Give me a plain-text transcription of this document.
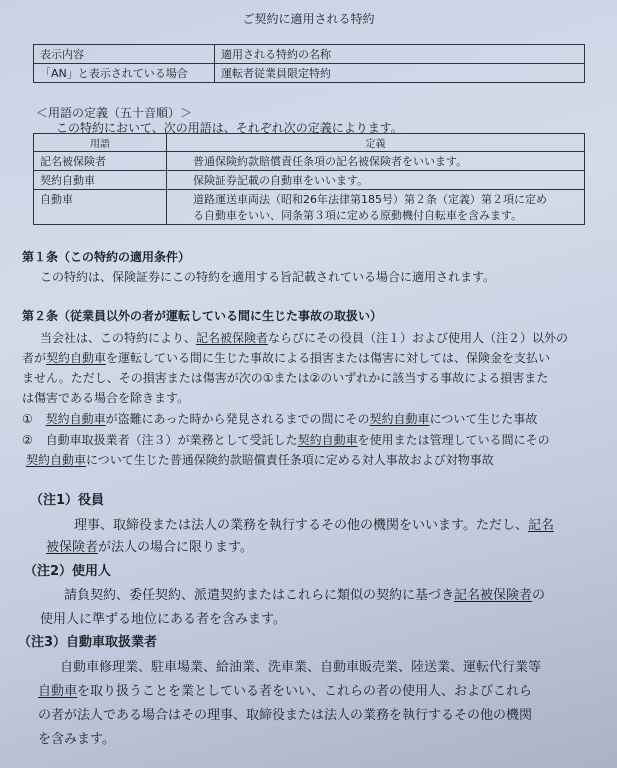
ご契約に適用される特約
表示内容	適用される特約の名称
「AN」と表示されている場合	運転者従業員限定特約
＜用語の定義（五十音順）＞
この特約において、次の用語は、それぞれ次の定義によります。
用語	定義
記名被保険者	普通保険約款賠償責任条項の記名被保険者をいいます。
契約自動車	保険証券記載の自動車をいいます。
自動車	道路運送車両法（昭和26年法律第185号）第２条（定義）第２項に定め
る自動車をいい、同条第３項に定める原動機付自転車を含みます。
第１条（この特約の適用条件）
この特約は、保険証券にこの特約を適用する旨記載されている場合に適用されます。
第２条（従業員以外の者が運転している間に生じた事故の取扱い）
当会社は、この特約により、記名被保険者ならびにその役員（注１）および使用人（注２）以外の
者が契約自動車を運転している間に生じた事故による損害または傷害に対しては、保険金を支払い
ません。ただし、その損害または傷害が次の①または②のいずれかに該当する事故による損害また
は傷害である場合を除きます。
① 契約自動車が盗難にあった時から発見されるまでの間にその契約自動車について生じた事故
② 自動車取扱業者（注３）が業務として受託した契約自動車を使用または管理している間にその
契約自動車について生じた普通保険約款賠償責任条項に定める対人事故および対物事故
（注1）役員
理事、取締役または法人の業務を執行するその他の機関をいいます。ただし、記名
被保険者が法人の場合に限ります。
（注2）使用人
請負契約、委任契約、派遣契約またはこれらに類似の契約に基づき記名被保険者の
使用人に準ずる地位にある者を含みます。
（注3）自動車取扱業者
自動車修理業、駐車場業、給油業、洗車業、自動車販売業、陸送業、運転代行業等
自動車を取り扱うことを業としている者をいい、これらの者の使用人、およびこれら
の者が法人である場合はその理事、取締役または法人の業務を執行するその他の機関
を含みます。
